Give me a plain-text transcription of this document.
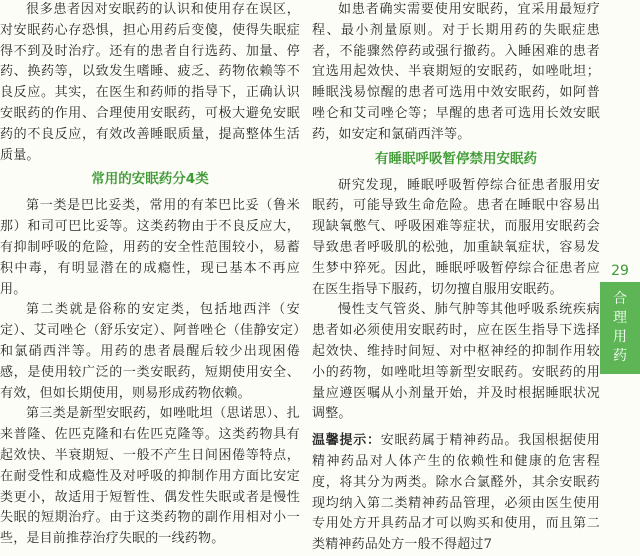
很多患者因对安眠药的认识和使用存在误区，对安眠药心存恐惧，担心用药后变傻，使得失眠症得不到及时治疗。还有的患者自行选药、加量、停药、换药等，以致发生嗜睡、疲乏、药物依赖等不良反应。其实，在医生和药师的指导下，正确认识安眠药的作用、合理使用安眠药，可极大避免安眠药的不良反应，有效改善睡眠质量，提高整体生活质量。

常用的安眠药分4类

第一类是巴比妥类，常用的有苯巴比妥（鲁米那）和司可巴比妥等。这类药物由于不良反应大，有抑制呼吸的危险，用药的安全性范围较小，易蓄积中毒，有明显潜在的成瘾性，现已基本不再应用。

第二类就是俗称的安定类，包括地西泮（安定）、艾司唑仑（舒乐安定）、阿普唑仑（佳静安定）和氯硝西泮等。用药的患者晨醒后较少出现困倦感，是使用较广泛的一类安眠药，短期使用安全、有效，但如长期使用，则易形成药物依赖。

第三类是新型安眠药，如唑吡坦（思诺思）、扎来普隆、佐匹克隆和右佐匹克隆等。这类药物具有起效快、半衰期短、一般不产生日间困倦等特点，在耐受性和成瘾性及对呼吸的抑制作用方面比安定类更小，故适用于短暂性、偶发性失眠或者是慢性失眠的短期治疗。由于这类药物的副作用相对小一些，是目前推荐治疗失眠的一线药物。

如患者确实需要使用安眠药，宜采用最短疗程、最小剂量原则。对于长期用药的失眠症患者，不能骤然停药或强行撤药。入睡困难的患者宜选用起效快、半衰期短的安眠药，如唑吡坦；睡眠浅易惊醒的患者可选用中效安眠药，如阿普唑仑和艾司唑仑等；早醒的患者可选用长效安眠药，如安定和氯硝西泮等。

有睡眠呼吸暂停禁用安眠药

研究发现，睡眠呼吸暂停综合征患者服用安眠药，可能导致生命危险。患者在睡眠中容易出现缺氧憋气、呼吸困难等症状，而服用安眠药会导致患者呼吸肌的松弛，加重缺氧症状，容易发生梦中猝死。因此，睡眠呼吸暂停综合征患者应在医生指导下服药，切勿擅自服用安眠药。

慢性支气管炎、肺气肿等其他呼吸系统疾病患者如必须使用安眠药时，应在医生指导下选择起效快、维持时间短、对中枢神经的抑制作用较小的药物，如唑吡坦等新型安眠药。安眠药的用量应遵医嘱从小剂量开始，并及时根据睡眠状况调整。

温馨提示：安眠药属于精神药品。我国根据使用精神药品对人体产生的依赖性和健康的危害程度，将其分为两类。除水合氯醛外，其余安眠药现均纳入第二类精神药品管理，必须由医生使用专用处方开具药品才可以购买和使用，而且第二类精神药品处方一般不得超过7

29
合
理
用
药
